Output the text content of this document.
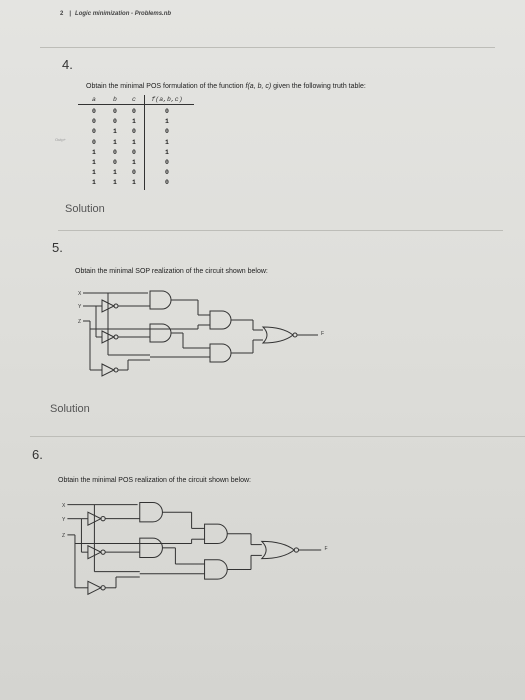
2 | Logic minimization - Problems.nb
4.
Obtain the minimal POS formulation of the function f(a, b, c) given the following truth table:
a	b	c	f(a,b,c)
0	0	0	0
0	0	1	1
0	1	0	0
0	1	1	1
1	0	0	1
1	0	1	0
1	1	0	0
1	1	1	0
Outp+
Solution
5.
Obtain the minimal SOP realization of the circuit shown below:
X
Y
Z
F
Solution
6.
Obtain the minimal POS realization of the circuit shown below:
X
Y
Z
F
